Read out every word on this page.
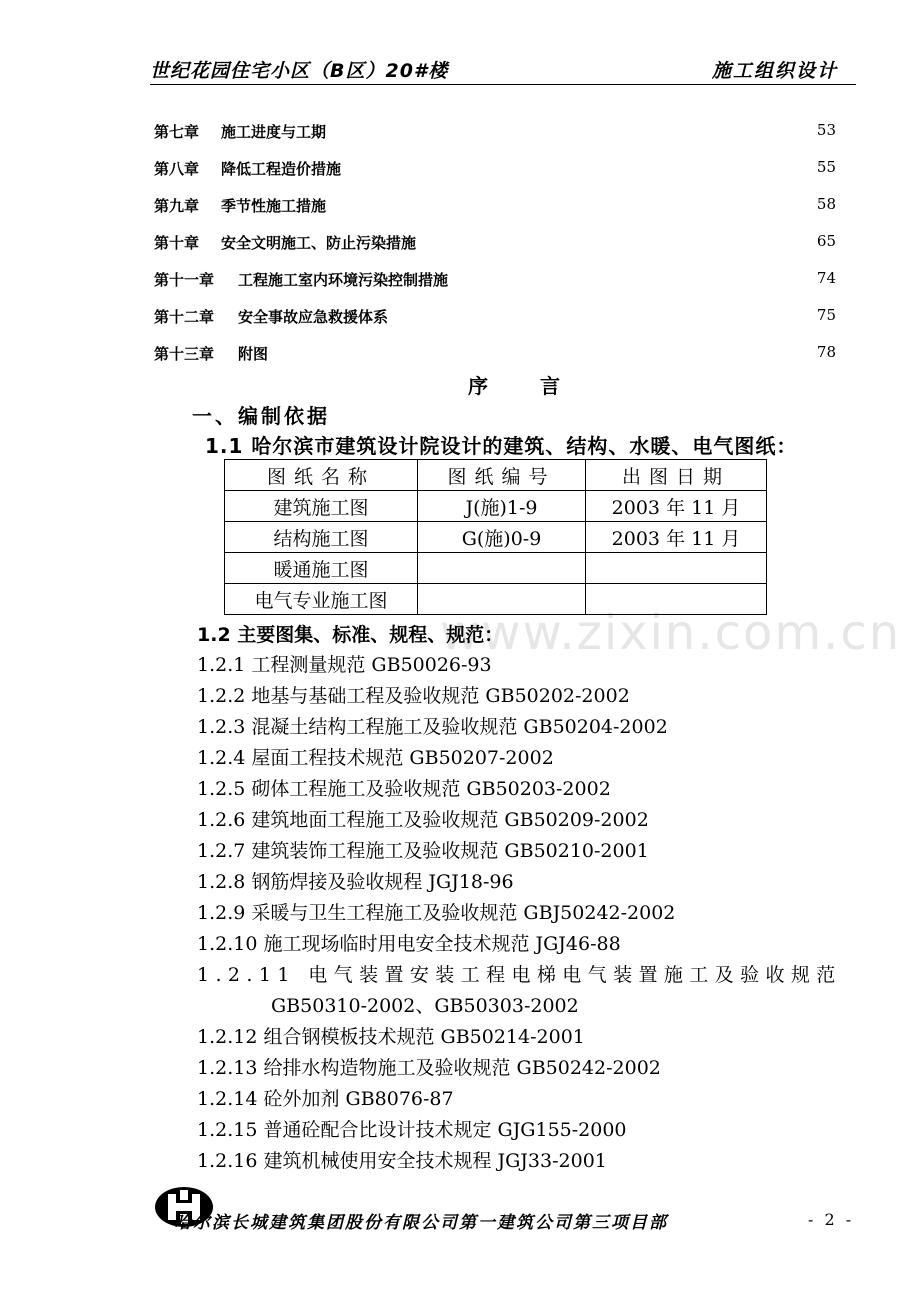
世纪花园住宅小区（B区）20#楼	施工组织设计
第七章 施工进度与工期	53
第八章 降低工程造价措施	55
第九章 季节性施工措施	58
第十章 安全文明施工、防止污染措施	65
第十一章 工程施工室内环境污染控制措施	74
第十二章 安全事故应急救援体系	75
第十三章 附图	78
www.zixin.com.cn
序言
一、编制依据
1.1 哈尔滨市建筑设计院设计的建筑、结构、水暖、电气图纸：
图纸名称	图纸编号	出图日期
建筑施工图	J(施)1-9	2003 年 11 月
结构施工图	G(施)0-9	2003 年 11 月
暖通施工图		
电气专业施工图		
1.2 主要图集、标准、规程、规范：
1.2.1 工程测量规范 GB50026-93
1.2.2 地基与基础工程及验收规范 GB50202-2002
1.2.3 混凝土结构工程施工及验收规范 GB50204-2002
1.2.4 屋面工程技术规范 GB50207-2002
1.2.5 砌体工程施工及验收规范 GB50203-2002
1.2.6 建筑地面工程施工及验收规范 GB50209-2002
1.2.7 建筑装饰工程施工及验收规范 GB50210-2001
1.2.8 钢筋焊接及验收规程 JGJ18-96
1.2.9 采暖与卫生工程施工及验收规范 GBJ50242-2002
1.2.10 施工现场临时用电安全技术规范 JGJ46-88
1.2.11 电气装置安装工程电梯电气装置施工及验收规范
GB50310-2002、GB50303-2002
1.2.12 组合钢模板技术规范 GB50214-2001
1.2.13 给排水构造物施工及验收规范 GB50242-2002
1.2.14 砼外加剂 GB8076-87
1.2.15 普通砼配合比设计技术规定 GJG155-2000
1.2.16 建筑机械使用安全技术规程 JGJ33-2001
哈尔滨长城建筑集团股份有限公司第一建筑公司第三项目部	- 2 -
